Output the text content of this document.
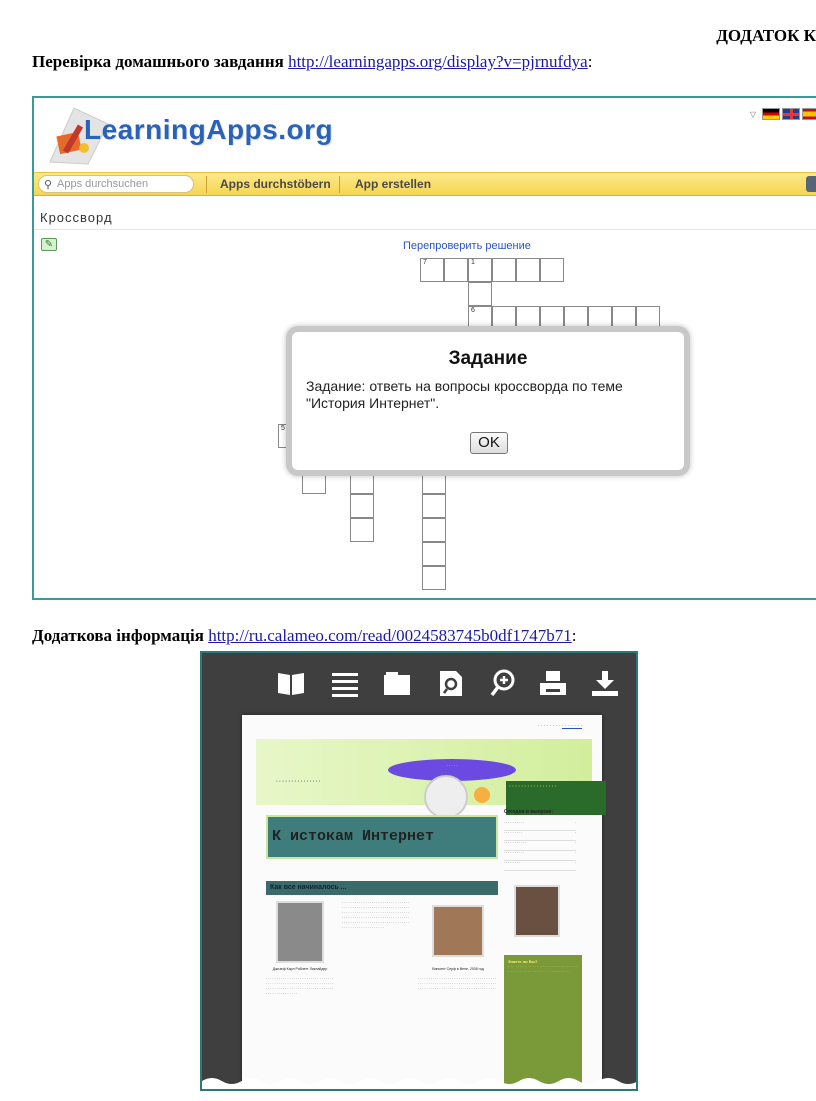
ДОДАТОК К
Перевірка домашнього завдання http://learningapps.org/display?v=pjrnufdya:
LearningApps.org	▽
⚲ Apps durchsuchen	Apps durchstöbern App erstellen
Кроссворд
✎	Перепроверить решение
7	1
6
5
Задание
Задание: ответь на вопросы кроссворда по теме "История Интернет".
OK
Додаткова інформація http://ru.calameo.com/read/0024583745b0df1747b71:
· · · · · · · · · · · · · · ·
· · · · ·
· · · · · · · · · · · · · · ·
· · · · · · · · · · · · · · · ·
К истокам Интернет
Сегодня в выпуске:
· · · · · · · · · ·	·
· · · · · · · · ·	·
· · · · · · · · · · ·	·
· · · · · · · · · ·	·
· · · · · · · ·	·
Как все начиналось ...
Джозеф Карл Робнетт Ликлайдер
· · · · · · · · · · · · · · · · · · · · · · · · · · · · · · · · · · · · · · · · · · · · · · · · · · · · · · · · · · · · · · · · · · · · · · · · · · · · · · · · · · · · · · · · · · · · · · · · · · · · · · · · · · · · · · ·
· · · · · · · · · · · · · · · · · · · · · · · · · · · · · · · · · · · · · · · · · · · · · · · · · · · · · · · · · · · · · · · · · · · · · · · · · · · · · · · · · · · · · · · · · · · · · · · · · · · · · · · · · · · · · · · · · · · · · · · · · · · · · · · · · · · · · · · · · · · · · · · · · · · · · · · · · · · · · · · · · · · · · · · · · · · · · · · · · · · ·
Винсент Серф в Вене, 2008 год
· · · · · · · · · · · · · · · · · · · · · · · · · · · · · · · · · · · · · · · · · · · · · · · · · · · · · · · · · · · · · · · · · · · · · · · · · · · · · · · · · · · · · · · · · · · · · · · · · · · · · · · · · · · · · · ·
Знаете ли Вы?
· · · · · · · · · · · · · · · · · · · · · · · · · · · · · · · · · · · · · · · · · · · · · · · · · · · · · · ·
